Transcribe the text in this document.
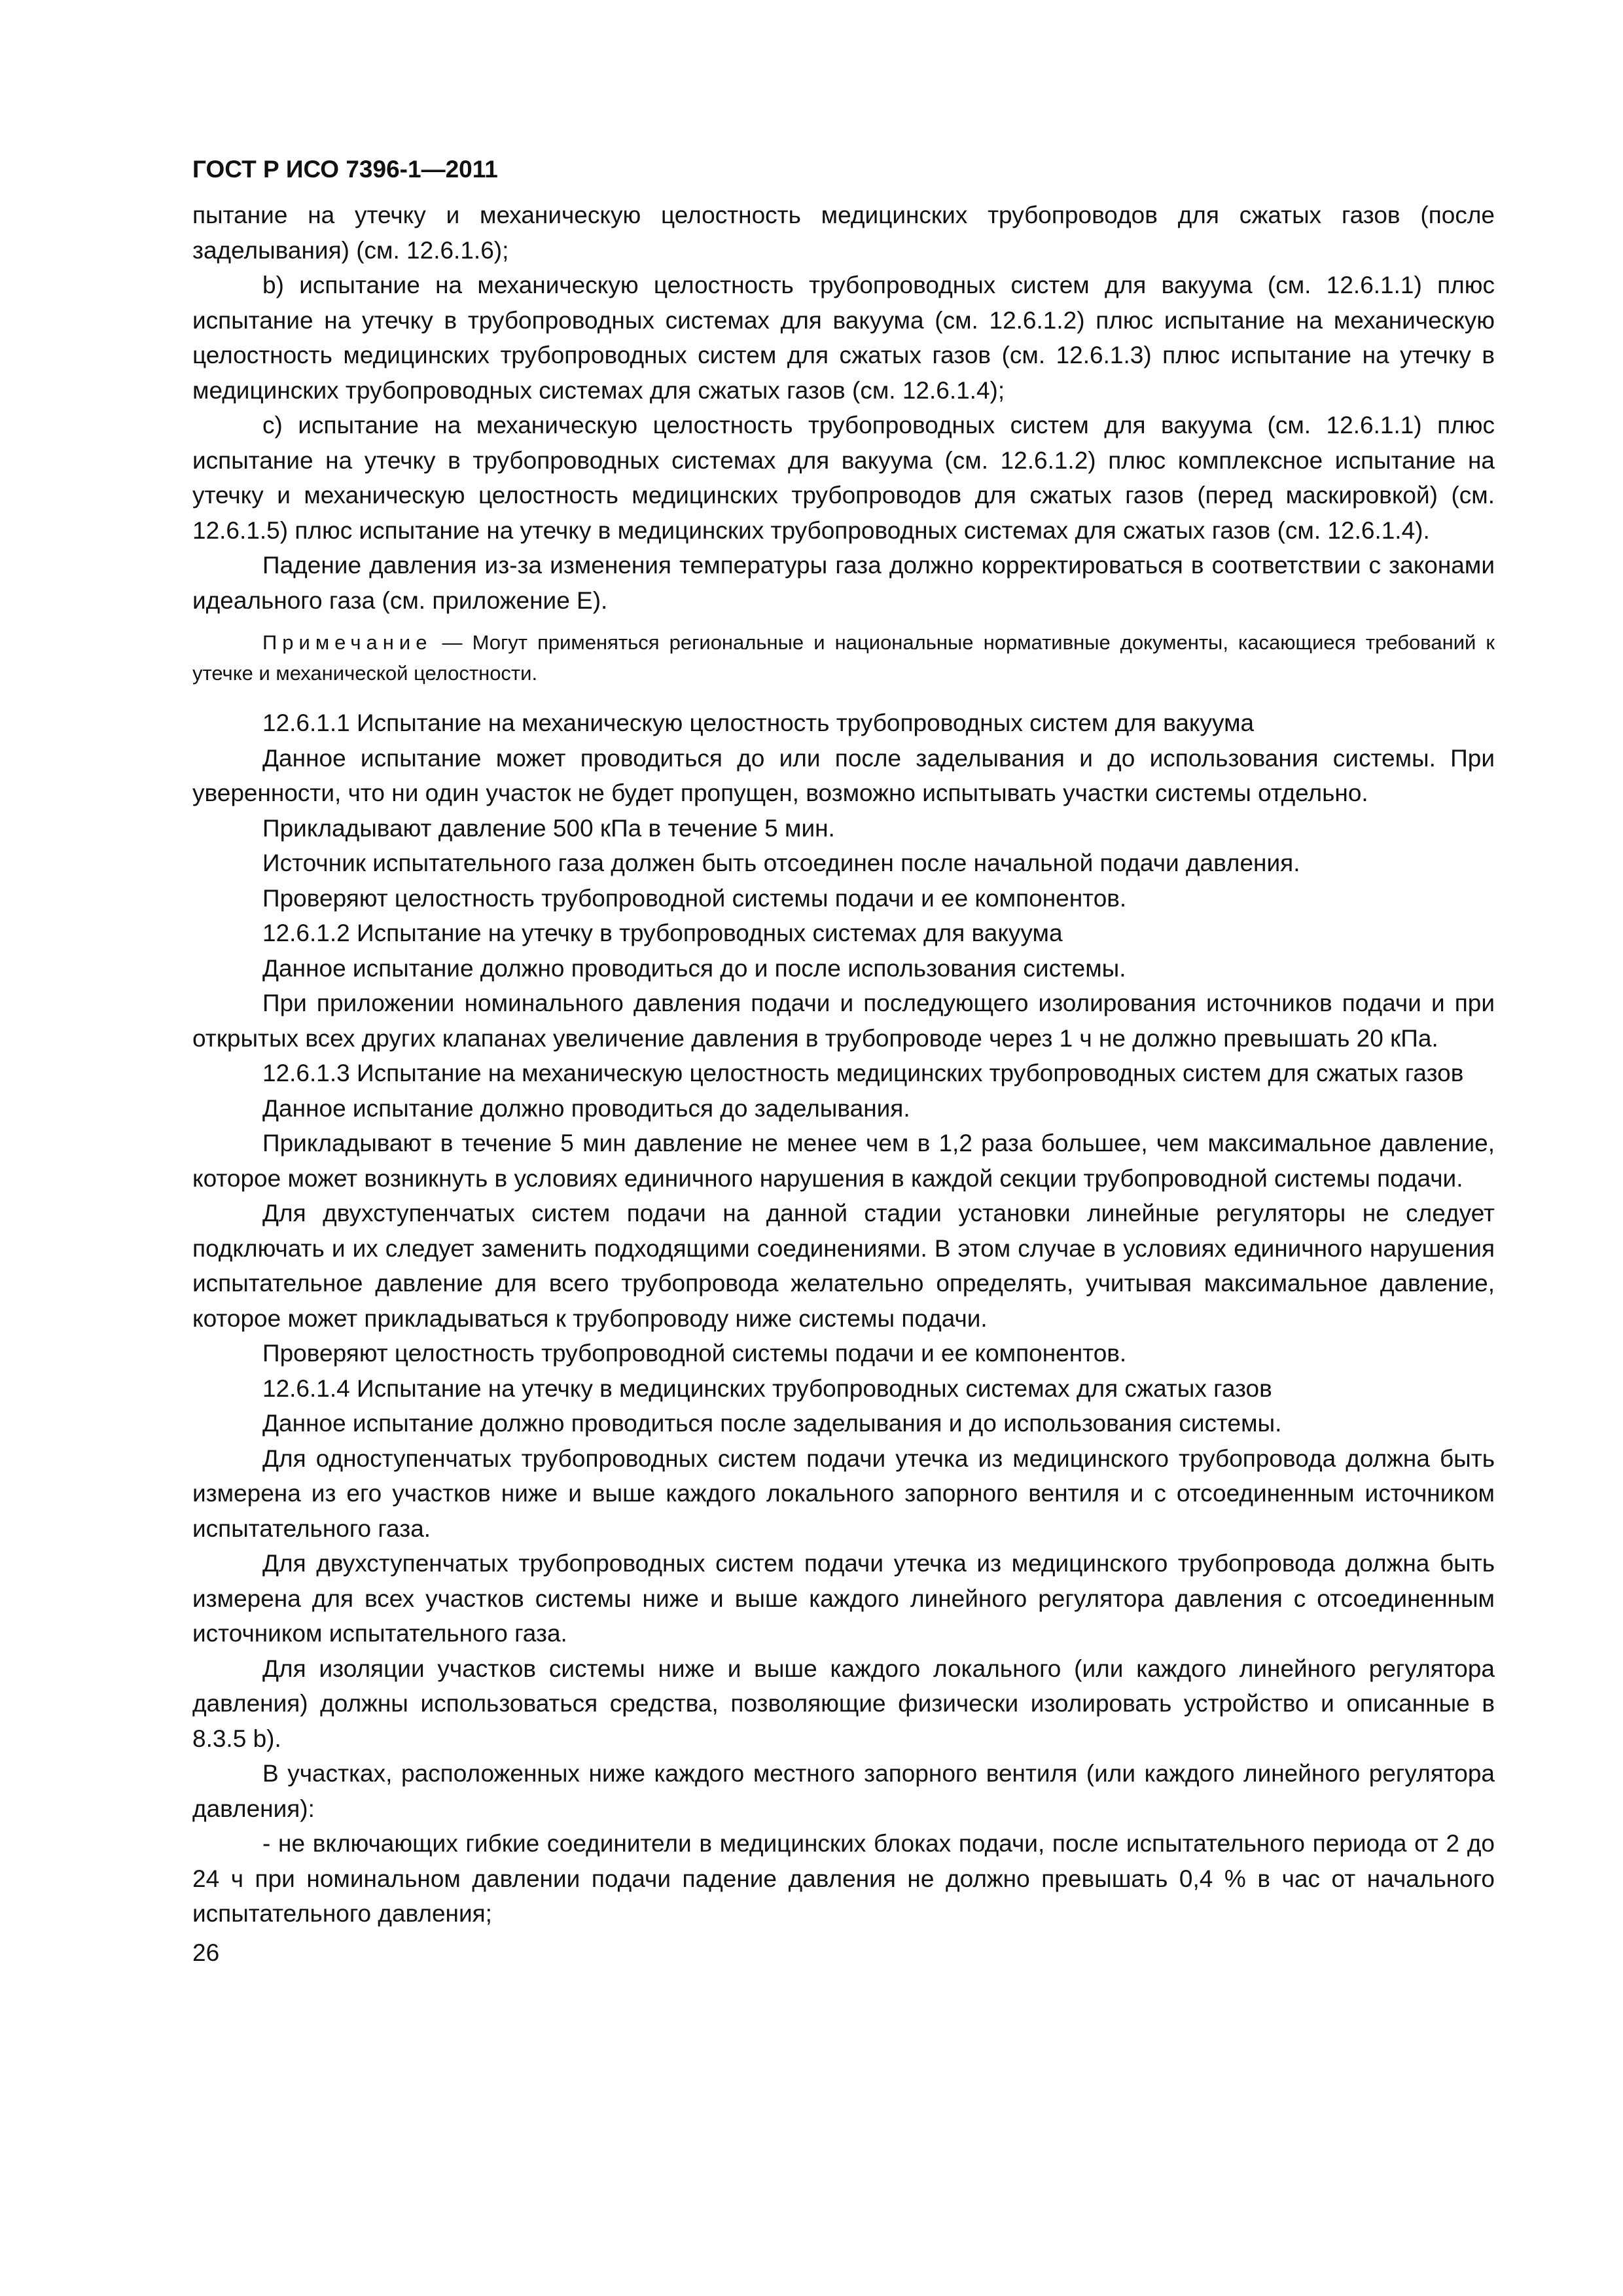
ГОСТ Р ИСО 7396-1—2011

пытание на утечку и механическую целостность медицинских трубопроводов для сжатых газов (после заделывания) (см. 12.6.1.6);

b) испытание на механическую целостность трубопроводных систем для вакуума (см. 12.6.1.1) плюс испытание на утечку в трубопроводных системах для вакуума (см. 12.6.1.2) плюс испытание на механическую целостность медицинских трубопроводных систем для сжатых газов (см. 12.6.1.3) плюс испытание на утечку в медицинских трубопроводных системах для сжатых газов (см. 12.6.1.4);

c) испытание на механическую целостность трубопроводных систем для вакуума (см. 12.6.1.1) плюс испытание на утечку в трубопроводных системах для вакуума (см. 12.6.1.2) плюс комплексное испытание на утечку и механическую целостность медицинских трубопроводов для сжатых газов (перед маскировкой) (см. 12.6.1.5) плюс испытание на утечку в медицинских трубопроводных системах для сжатых газов (см. 12.6.1.4).

Падение давления из-за изменения температуры газа должно корректироваться в соответствии с законами идеального газа (см. приложение Е).

Примечание — Могут применяться региональные и национальные нормативные документы, касающиеся требований к утечке и механической целостности.

12.6.1.1 Испытание на механическую целостность трубопроводных систем для вакуума

Данное испытание может проводиться до или после заделывания и до использования системы. При уверенности, что ни один участок не будет пропущен, возможно испытывать участки системы отдельно.

Прикладывают давление 500 кПа в течение 5 мин.

Источник испытательного газа должен быть отсоединен после начальной подачи давления.

Проверяют целостность трубопроводной системы подачи и ее компонентов.

12.6.1.2 Испытание на утечку в трубопроводных системах для вакуума

Данное испытание должно проводиться до и после использования системы.

При приложении номинального давления подачи и последующего изолирования источников подачи и при открытых всех других клапанах увеличение давления в трубопроводе через 1 ч не должно превышать 20 кПа.

12.6.1.3 Испытание на механическую целостность медицинских трубопроводных систем для сжатых газов

Данное испытание должно проводиться до заделывания.

Прикладывают в течение 5 мин давление не менее чем в 1,2 раза большее, чем максимальное давление, которое может возникнуть в условиях единичного нарушения в каждой секции трубопроводной системы подачи.

Для двухступенчатых систем подачи на данной стадии установки линейные регуляторы не следует подключать и их следует заменить подходящими соединениями. В этом случае в условиях единичного нарушения испытательное давление для всего трубопровода желательно определять, учитывая максимальное давление, которое может прикладываться к трубопроводу ниже системы подачи.

Проверяют целостность трубопроводной системы подачи и ее компонентов.

12.6.1.4 Испытание на утечку в медицинских трубопроводных системах для сжатых газов

Данное испытание должно проводиться после заделывания и до использования системы.

Для одноступенчатых трубопроводных систем подачи утечка из медицинского трубопровода должна быть измерена из его участков ниже и выше каждого локального запорного вентиля и с отсоединенным источником испытательного газа.

Для двухступенчатых трубопроводных систем подачи утечка из медицинского трубопровода должна быть измерена для всех участков системы ниже и выше каждого линейного регулятора давления с отсоединенным источником испытательного газа.

Для изоляции участков системы ниже и выше каждого локального (или каждого линейного регулятора давления) должны использоваться средства, позволяющие физически изолировать устройство и описанные в 8.3.5 b).

В участках, расположенных ниже каждого местного запорного вентиля (или каждого линейного регулятора давления):

- не включающих гибкие соединители в медицинских блоках подачи, после испытательного периода от 2 до 24 ч при номинальном давлении подачи падение давления не должно превышать 0,4 % в час от начального испытательного давления;

26
